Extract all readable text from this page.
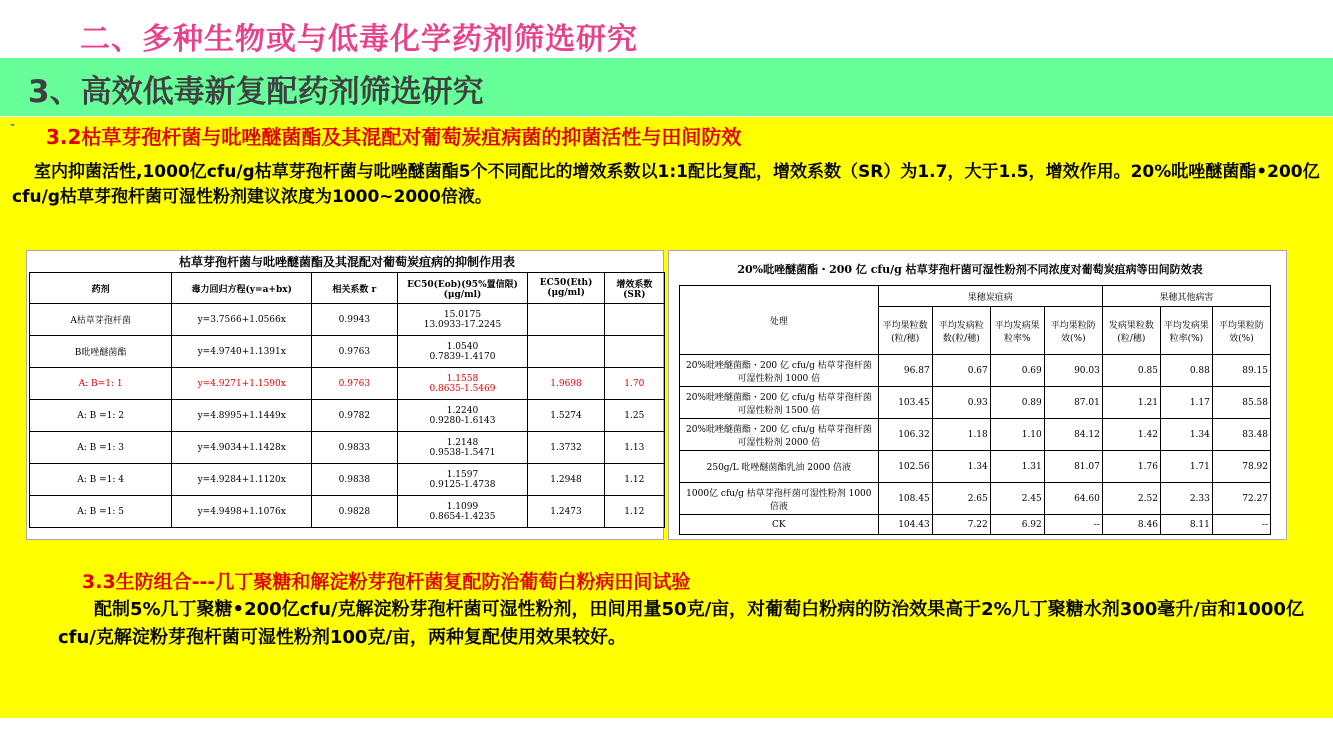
二、多种生物或与低毒化学药剂筛选研究
3、高效低毒新复配药剂筛选研究
- 3.2枯草芽孢杆菌与吡唑醚菌酯及其混配对葡萄炭疽病菌的抑菌活性与田间防效
室内抑菌活性,1000亿cfu/g枯草芽孢杆菌与吡唑醚菌酯5个不同配比的增效系数以1:1配比复配，增效系数（SR）为1.7，大于1.5，增效作用。20%吡唑醚菌酯•200亿cfu/g枯草芽孢杆菌可湿性粉剂建议浓度为1000~2000倍液。
枯草芽孢杆菌与吡唑醚菌酯及其混配对葡萄炭疽病的抑制作用表
药剂	毒力回归方程(y=a+bx)	相关系数 r	EC50(Eob)(95%置信限)(μg/ml)	EC50(Eth)(μg/ml)	增效系数(SR)
A枯草芽孢杆菌	y=3.7566+1.0566x	0.9943	15.0175
13.0933-17.2245		

B吡唑醚菌酯	y=4.9740+1.1391x	0.9763	1.0540
0.7839-1.4170		

A: B=1: 1	y=4.9271+1.1590x	0.9763	1.1558
0.8635-1.5469	1.9698	1.70
A: B =1: 2	y=4.8995+1.1449x	0.9782	1.2240
0.9280-1.6143	1.5274	1.25
A: B =1: 3	y=4.9034+1.1428x	0.9833	1.2148
0.9538-1.5471	1.3732	1.13
A: B =1: 4	y=4.9284+1.1120x	0.9838	1.1597
0.9125-1.4738	1.2948	1.12
A: B =1: 5	y=4.9498+1.1076x	0.9828	1.1099
0.8654-1.4235	1.2473	1.12
20%吡唑醚菌酯・200 亿 cfu/g 枯草芽孢杆菌可湿性粉剂不同浓度对葡萄炭疽病等田间防效表
处理	果穗炭疽病				果穗其他病害		
	平均果粒数(粒/穗)	平均发病粒数(粒/穗)	平均发病果粒率%	平均果粒防效(%)	发病果粒数(粒/穗)	平均发病果粒率(%)	平均果粒防效(%)
20%吡唑醚菌酯・200 亿 cfu/g 枯草芽孢杆菌可湿性粉剂 1000 倍	96.87	0.67	0.69	90.03	0.85	0.88	89.15
20%吡唑醚菌酯・200 亿 cfu/g 枯草芽孢杆菌可湿性粉剂 1500 倍	103.45	0.93	0.89	87.01	1.21	1.17	85.58
20%吡唑醚菌酯・200 亿 cfu/g 枯草芽孢杆菌可湿性粉剂 2000 倍	106.32	1.18	1.10	84.12	1.42	1.34	83.48
250g/L 吡唑醚菌酯乳油 2000 倍液	102.56	1.34	1.31	81.07	1.76	1.71	78.92
1000亿 cfu/g 枯草芽孢杆菌可湿性粉剂 1000 倍液	108.45	2.65	2.45	64.60	2.52	2.33	72.27
CK	104.43	7.22	6.92	--	8.46	8.11	--
3.3生防组合---几丁聚糖和解淀粉芽孢杆菌复配防治葡萄白粉病田间试验
配制5%几丁聚糖•200亿cfu/克解淀粉芽孢杆菌可湿性粉剂，田间用量50克/亩，对葡萄白粉病的防治效果高于2%几丁聚糖水剂300毫升/亩和1000亿cfu/克解淀粉芽孢杆菌可湿性粉剂100克/亩，两种复配使用效果较好。
